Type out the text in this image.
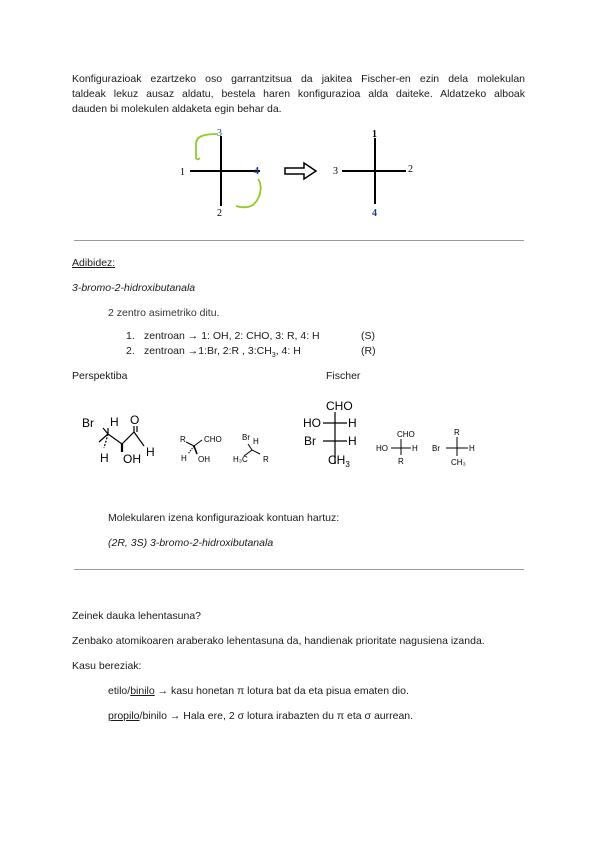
Konfigurazioak ezartzeko oso garrantzitsua da jakitea Fischer-en ezin dela molekulan
taldeak lekuz ausaz aldatu, bestela haren konfigurazioa alda daiteke. Aldatzeko alboak
dauden bi molekulen aldaketa egin behar da.
3
1	4
2
1
3	2
4
Adibidez:
3-bromo-2-hidroxibutanala
2 zentro asimetriko ditu.
1. zentroan → 1: OH, 2: CHO, 3: R, 4: H	(S)
2. zentroan →1:Br, 2:R , $3:CH_3$, 4: H	(R)
Perspektiba	Fischer
Br H O
H OH H
R CHO
H OH
Br H
H₃C R
CHO
HO H
Br	H
$CH_3$
CHO
HO	H
R
R
Br	H
CH₃
Molekularen izena konfigurazioak kontuan hartuz:
(2R, 3S) 3-bromo-2-hidroxibutanala
Zeinek dauka lehentasuna?
Zenbako atomikoaren araberako lehentasuna da, handienak prioritate nagusiena izanda.
Kasu bereziak:
etilo/binilo → kasu honetan π lotura bat da eta pisua ematen dio.
propilo/binilo → Hala ere, 2 σ lotura irabazten du π eta σ aurrean.
